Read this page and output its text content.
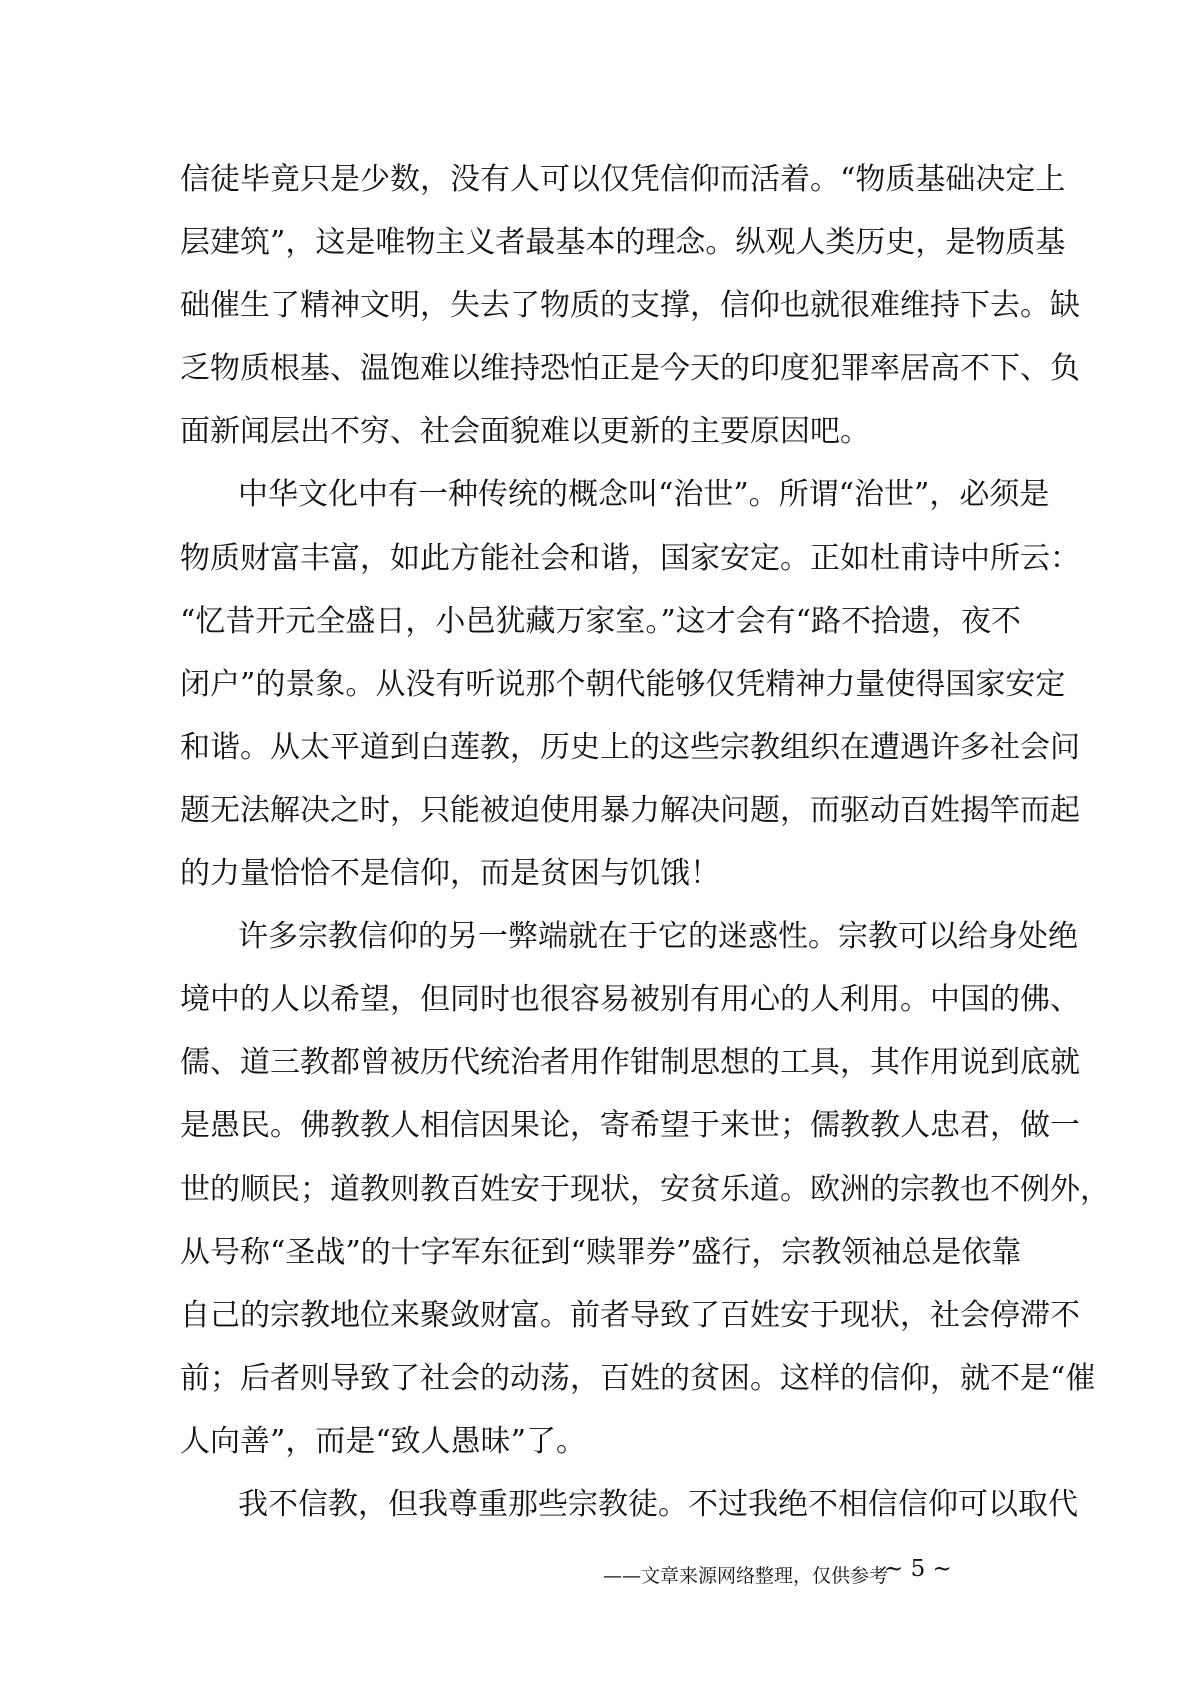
信徒毕竟只是少数，没有人可以仅凭信仰而活着。“物质基础决定上
层建筑”，这是唯物主义者最基本的理念。纵观人类历史，是物质基
础催生了精神文明，失去了物质的支撑，信仰也就很难维持下去。缺
乏物质根基、温饱难以维持恐怕正是今天的印度犯罪率居高不下、负
面新闻层出不穷、社会面貌难以更新的主要原因吧。
中华文化中有一种传统的概念叫“治世”。所谓“治世”，必须是
物质财富丰富，如此方能社会和谐，国家安定。正如杜甫诗中所云：
“忆昔开元全盛日，小邑犹藏万家室。”这才会有“路不拾遗，夜不
闭户”的景象。从没有听说那个朝代能够仅凭精神力量使得国家安定
和谐。从太平道到白莲教，历史上的这些宗教组织在遭遇许多社会问
题无法解决之时，只能被迫使用暴力解决问题，而驱动百姓揭竿而起
的力量恰恰不是信仰，而是贫困与饥饿！
许多宗教信仰的另一弊端就在于它的迷惑性。宗教可以给身处绝
境中的人以希望，但同时也很容易被别有用心的人利用。中国的佛、
儒、道三教都曾被历代统治者用作钳制思想的工具，其作用说到底就
是愚民。佛教教人相信因果论，寄希望于来世；儒教教人忠君，做一
世的顺民；道教则教百姓安于现状，安贫乐道。欧洲的宗教也不例外，
从号称“圣战”的十字军东征到“赎罪券”盛行，宗教领袖总是依靠
自己的宗教地位来聚敛财富。前者导致了百姓安于现状，社会停滞不
前；后者则导致了社会的动荡，百姓的贫困。这样的信仰，就不是“催
人向善”，而是“致人愚昧”了。
我不信教，但我尊重那些宗教徒。不过我绝不相信信仰可以取代
——文章来源网络整理，仅供参考
~ 5 ~
